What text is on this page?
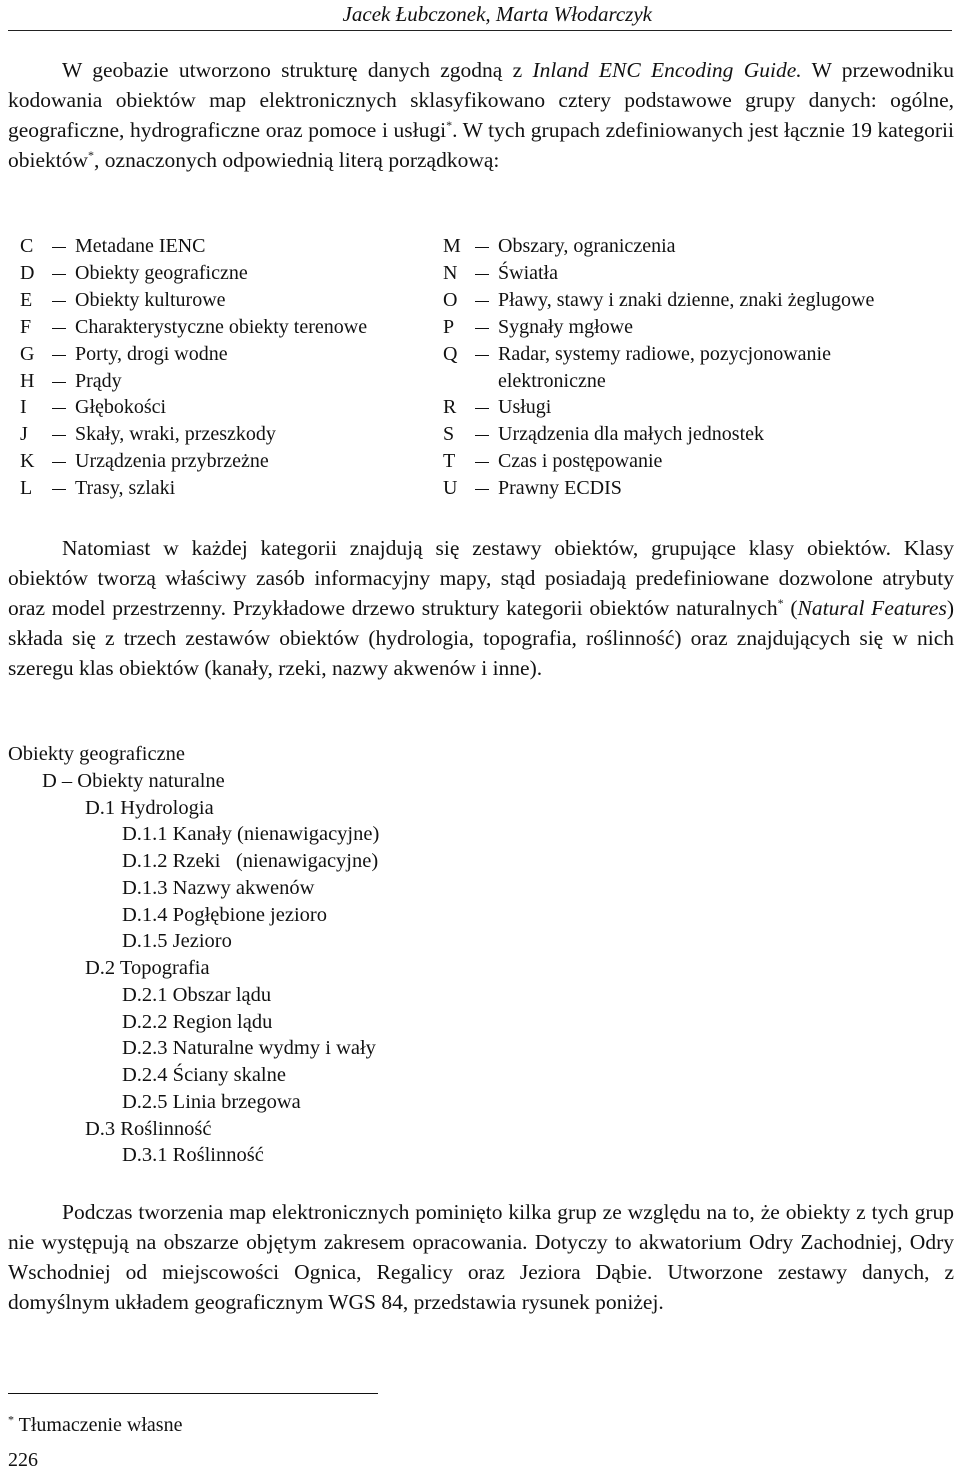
Jacek Łubczonek, Marta Włodarczyk

W geobazie utworzono strukturę danych zgodną z Inland ENC Encoding Guide. W przewodniku kodowania obiektów map elektronicznych sklasyfikowano cztery podstawowe grupy danych: ogólne, geograficzne, hydrograficzne oraz pomoce i usługi*. W tych grupach zdefiniowanych jest łącznie 19 kategorii obiektów*, oznaczonych odpowiednią literą porządkową:

C Metadane IENC
D Obiekty geograficzne
E Obiekty kulturowe
F Charakterystyczne obiekty terenowe
G Porty, drogi wodne
H Prądy
I Głębokości
J Skały, wraki, przeszkody
K Urządzenia przybrzeżne
L Trasy, szlaki
M Obszary, ograniczenia
N Światła
O Pławy, stawy i znaki dzienne, znaki żeglugowe
P Sygnały mgłowe
Q Radar, systemy radiowe, pozycjonowanie
elektroniczne
R Usługi
S Urządzenia dla małych jednostek
T Czas i postępowanie
U Prawny ECDIS

Natomiast w każdej kategorii znajdują się zestawy obiektów, grupujące klasy obiektów. Klasy obiektów tworzą właściwy zasób informacyjny mapy, stąd posiadają predefiniowane dozwolone atrybuty oraz model przestrzenny. Przykładowe drzewo struktury kategorii obiektów naturalnych* (Natural Features) składa się z trzech zestawów obiektów (hydrologia, topografia, roślinność) oraz znajdujących się w nich szeregu klas obiektów (kanały, rzeki, nazwy akwenów i inne).

Obiekty geograficzne
D – Obiekty naturalne
D.1 Hydrologia
D.1.1 Kanały (nienawigacyjne)
D.1.2 Rzeki   (nienawigacyjne)
D.1.3 Nazwy akwenów
D.1.4 Pogłębione jezioro
D.1.5 Jezioro
D.2 Topografia
D.2.1 Obszar lądu
D.2.2 Region lądu
D.2.3 Naturalne wydmy i wały
D.2.4 Ściany skalne
D.2.5 Linia brzegowa
D.3 Roślinność
D.3.1 Roślinność

Podczas tworzenia map elektronicznych pominięto kilka grup ze względu na to, że obiekty z tych grup nie występują na obszarze objętym zakresem opracowania. Dotyczy to akwatorium Odry Zachodniej, Odry Wschodniej od miejscowości Ognica, Regalicy oraz Jeziora Dąbie. Utworzone zestawy danych, z domyślnym układem geograficznym WGS 84, przedstawia rysunek poniżej.

* Tłumaczenie własne
226
